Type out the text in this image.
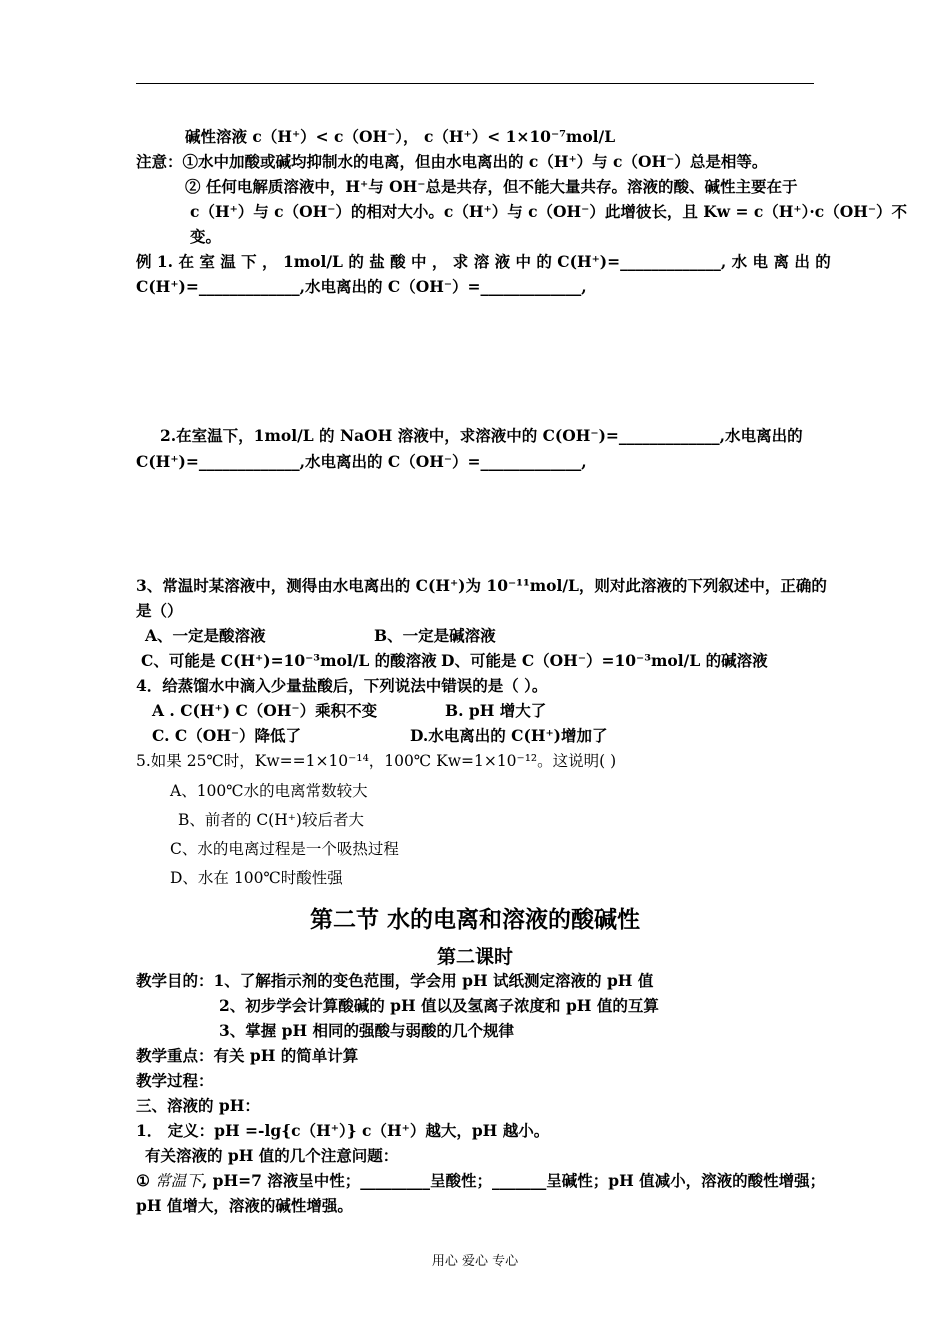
碱性溶液 c（H⁺）< c（OH⁻）， c（H⁺）< 1×10⁻⁷mol/L
注意：①水中加酸或碱均抑制水的电离，但由水电离出的 c（H⁺）与 c（OH⁻）总是相等。
② 任何电解质溶液中，H⁺与 OH⁻总是共存，但不能大量共存。溶液的酸、碱性主要在于
c（H⁺）与 c（OH⁻）的相对大小。c（H⁺）与 c（OH⁻）此增彼长，且 Kw = c（H⁺）·c（OH⁻）不
变。
例 1. 在 室 温 下 ， 1mol/L 的 盐 酸 中 ， 求 溶 液 中 的 C(H⁺)=_____________, 水 电 离 出 的
C(H⁺)=_____________,水电离出的 C（OH⁻）=_____________,
2.在室温下，1mol/L 的 NaOH 溶液中，求溶液中的 C(OH⁻)=_____________,水电离出的
C(H⁺)=_____________,水电离出的 C（OH⁻）=_____________,
3、常温时某溶液中，测得由水电离出的 C(H⁺)为 10⁻¹¹mol/L，则对此溶液的下列叙述中，正确的
是（）
A、一定是酸溶液	B、一定是碱溶液
C、可能是 C(H⁺)=10⁻³mol/L 的酸溶液 D、可能是 C（OH⁻）=10⁻³mol/L 的碱溶液
4．给蒸馏水中滴入少量盐酸后，下列说法中错误的是（ ）。
A . C(H⁺) C（OH⁻）乘积不变	B. pH 增大了
C. C（OH⁻）降低了	D.水电离出的 C(H⁺)增加了
5.如果 25℃时，Kw==1×10⁻¹⁴，100℃ Kw=1×10⁻¹²。这说明( )
A、100℃水的电离常数较大
B、前者的 C(H⁺)较后者大
C、水的电离过程是一个吸热过程
D、水在 100℃时酸性强
第二节 水的电离和溶液的酸碱性
第二课时
教学目的：1、了解指示剂的变色范围，学会用 pH 试纸测定溶液的 pH 值
2、初步学会计算酸碱的 pH 值以及氢离子浓度和 pH 值的互算
3、掌握 pH 相同的强酸与弱酸的几个规律
教学重点：有关 pH 的简单计算
教学过程：
三、溶液的 pH：
1． 定义：pH =-lg{c（H⁺）} c（H⁺）越大，pH 越小。
有关溶液的 pH 值的几个注意问题：
① 常温下, pH=7 溶液呈中性；_________呈酸性；_______呈碱性；pH 值减小，溶液的酸性增强；
pH 值增大，溶液的碱性增强。
用心 爱心 专心
